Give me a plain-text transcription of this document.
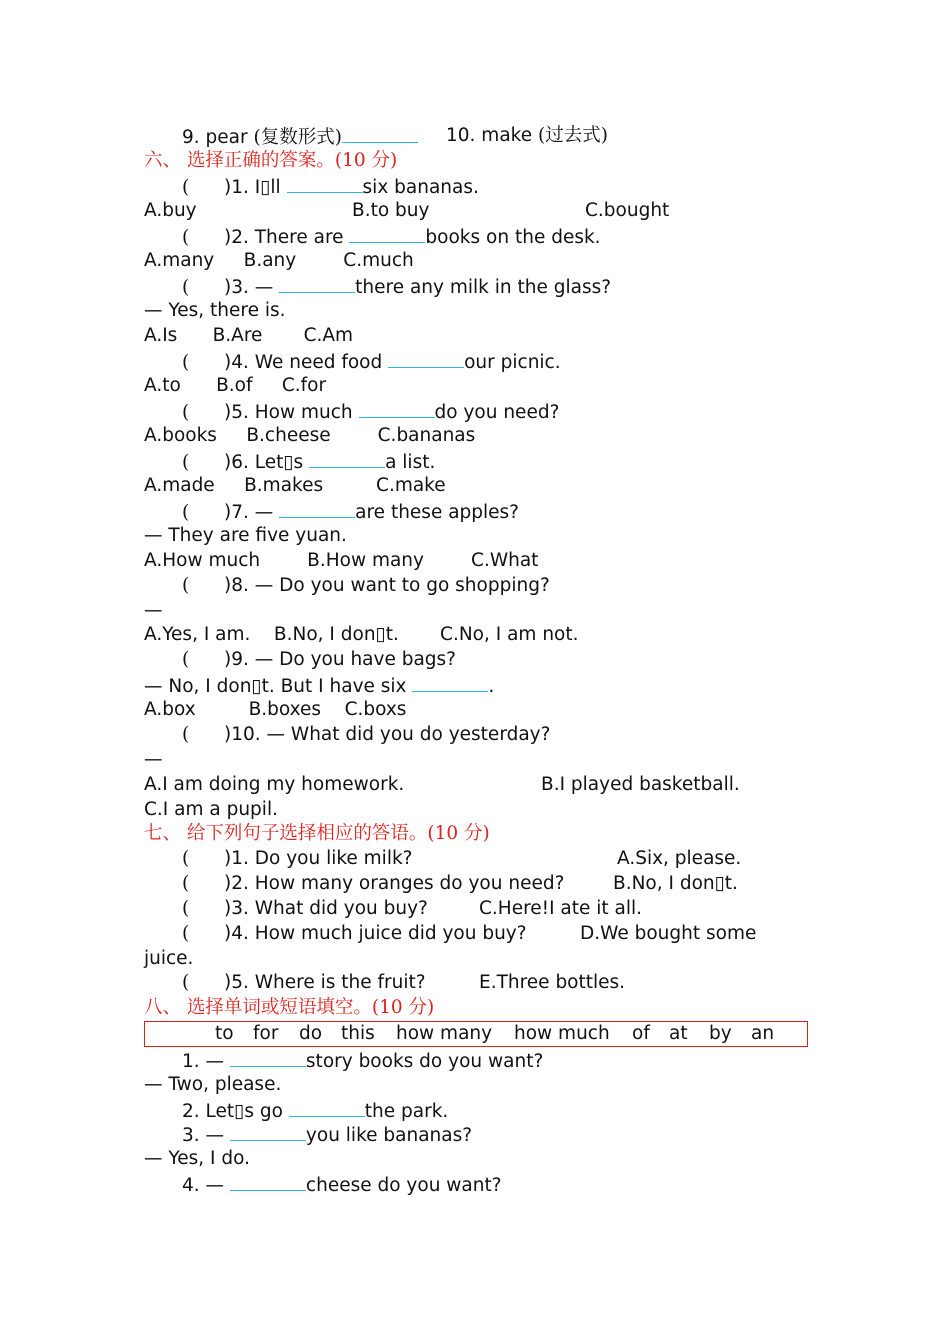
9. pear (复数形式)	10. make (过去式)
六、 选择正确的答案。(10 分)
( )1. I▯ll	six bananas.
A.buy	B.to buy	C.bought
( )2. There are	books on the desk.
A.many     B.any        C.much
( )3. —	there any milk in the glass?
— Yes, there is.
A.Is      B.Are       C.Am
( )4. We need food	our picnic.
A.to      B.of     C.for
( )5. How much	do you need?
A.books     B.cheese        C.bananas
( )6. Let▯s	a list.
A.made     B.makes         C.make
( )7. —	are these apples?
— They are five yuan.
A.How much        B.How many        C.What
( )8. — Do you want to go shopping?
—
A.Yes, I am.    B.No, I don▯t.       C.No, I am not.
( )9. — Do you have bags?
— No, I don▯t. But I have six	.
A.box         B.boxes    C.boxs
( )10. — What did you do yesterday?
—
A.I am doing my homework.	B.I played basketball.
C.I am a pupil.
七、 给下列句子选择相应的答语。(10 分)
( )1. Do you like milk?	A.Six, please.
( )2. How many oranges do you need?	B.No, I don▯t.
( )3. What did you buy?	C.Here!I ate it all.
( )4. How much juice did you buy?	D.We bought some
juice.
( )5. Where is the fruit?	E.Three bottles.
八、 选择单词或短语填空。(10 分)
to for do this how many how much of at by an
1. —	story books do you want?
— Two, please.
2. Let▯s go	the park.
3. —	you like bananas?
— Yes, I do.
4. —	cheese do you want?
